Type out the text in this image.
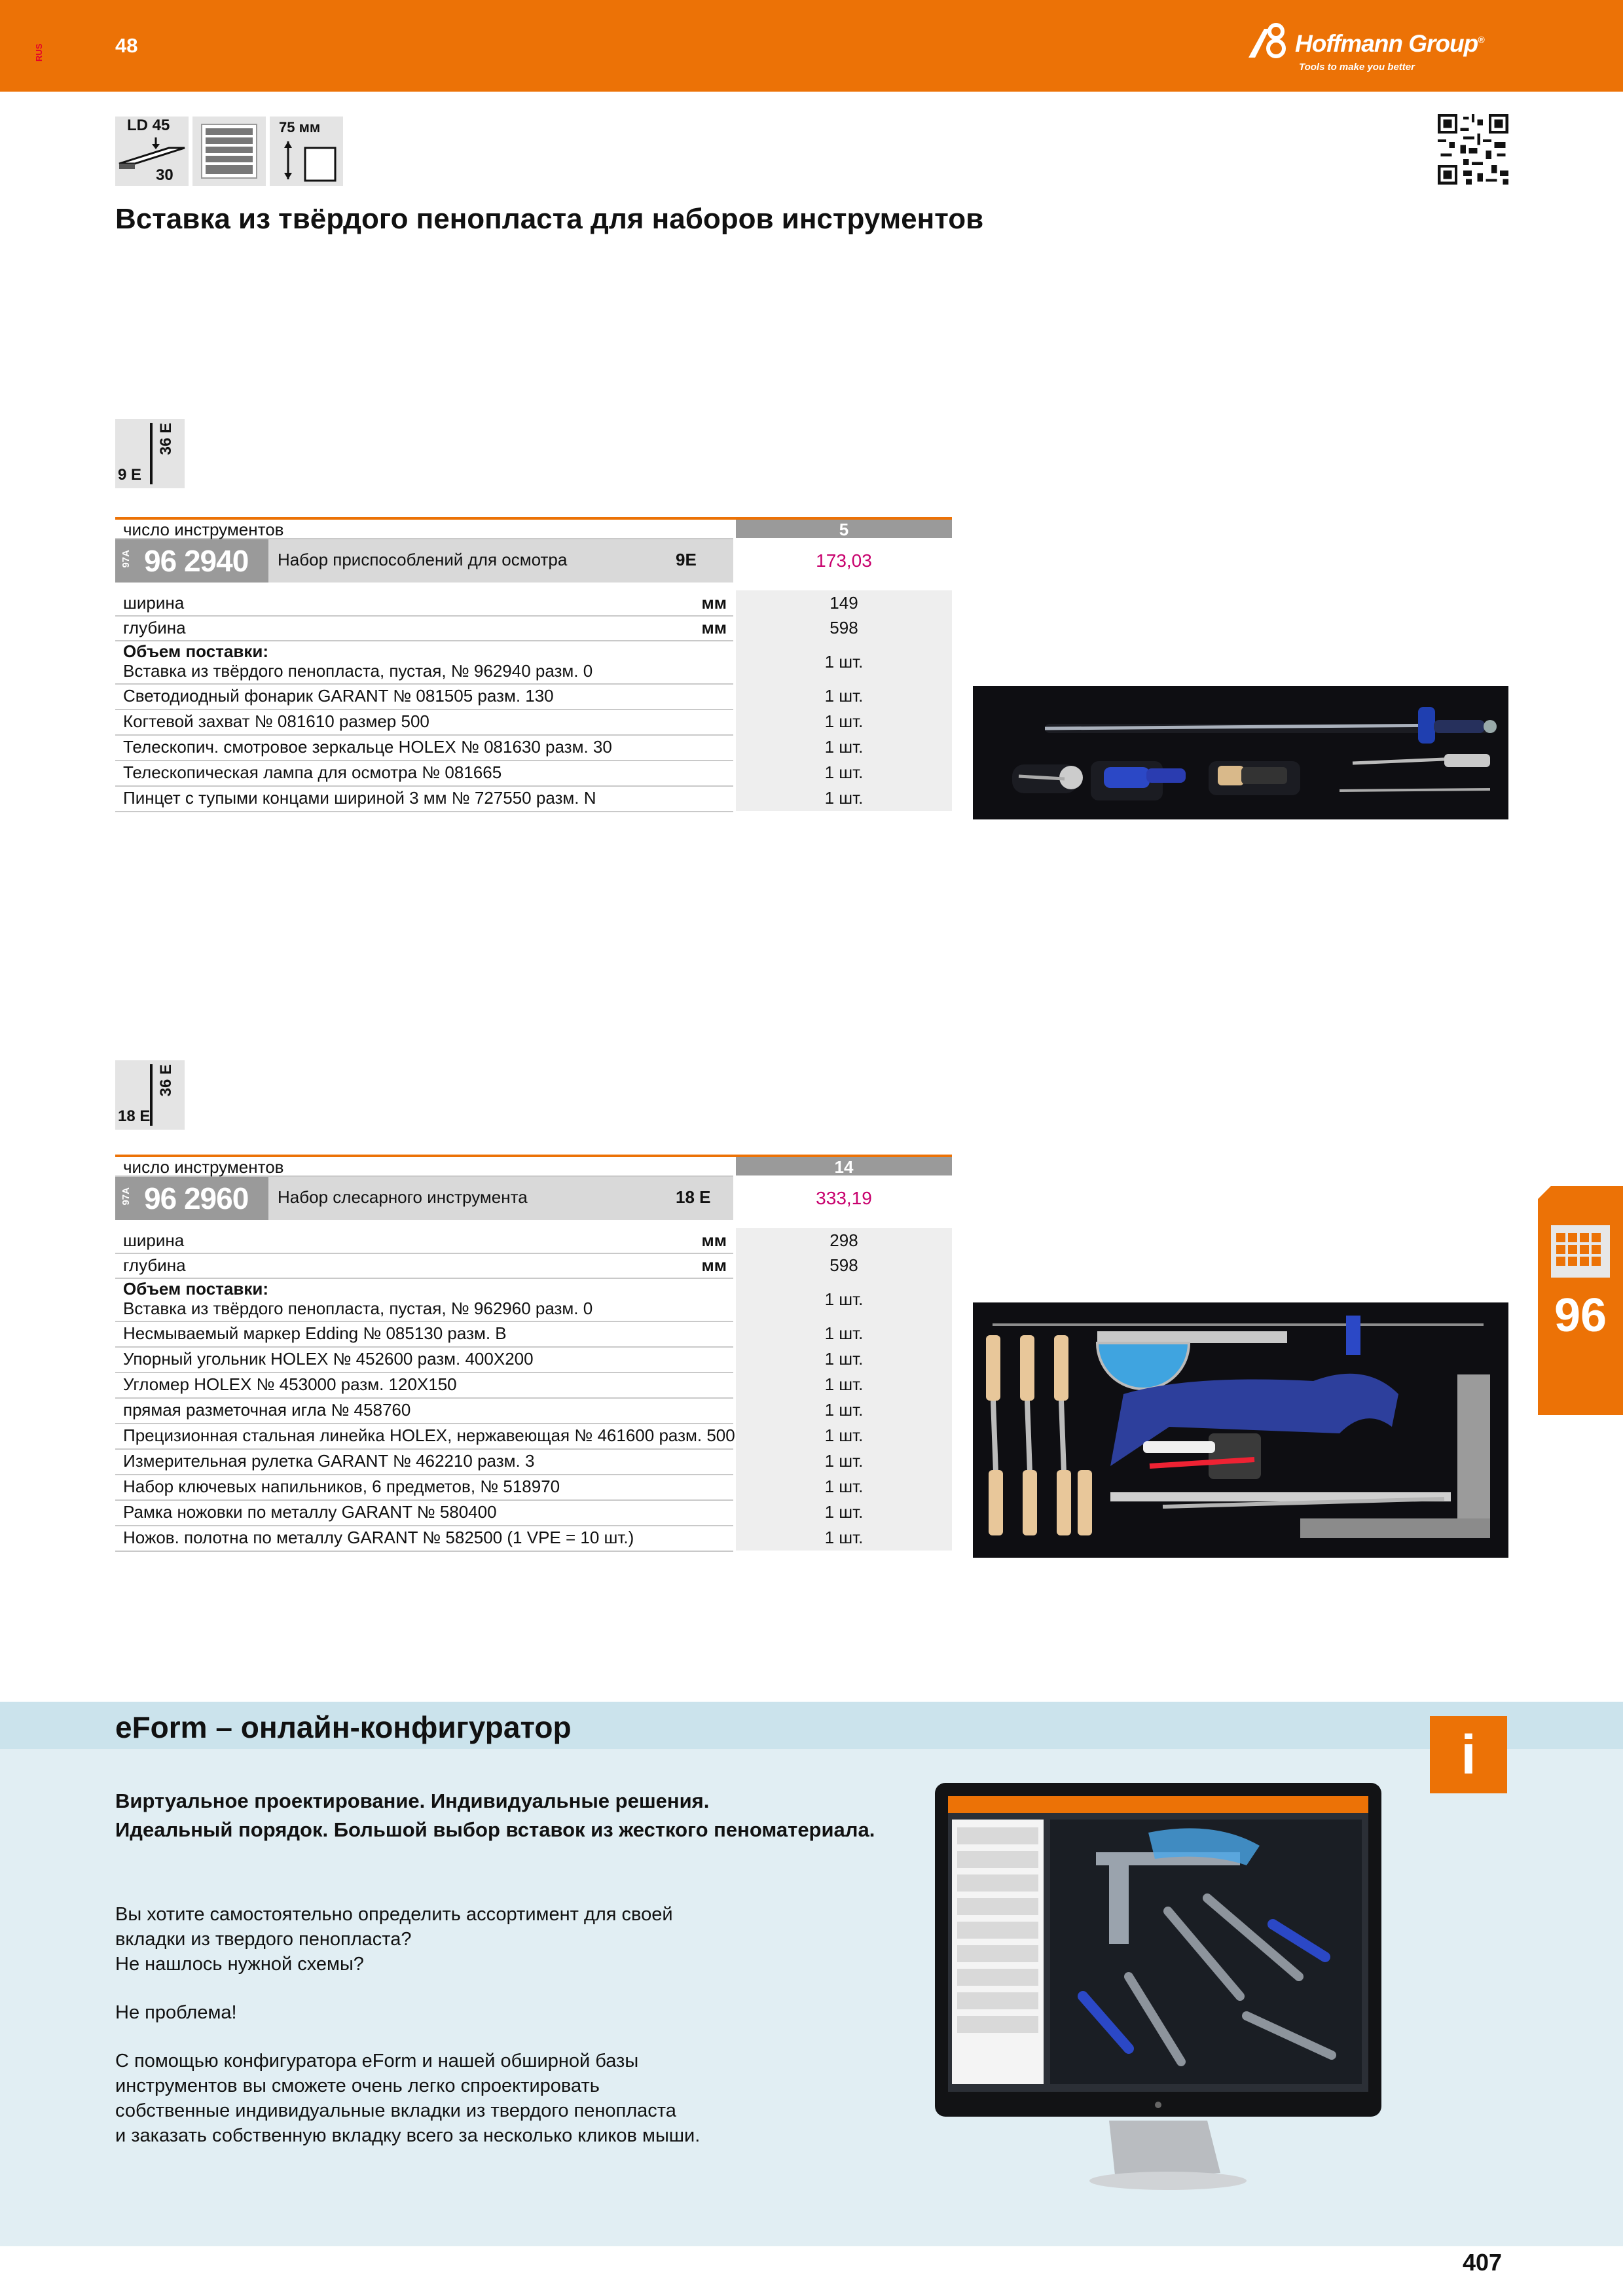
RUS	48	Hoffmann Group®
Tools to make you better
LD 45
30
75 мм
Вставка из твёрдого пенопласта для наборов инструментов
9 E
36 E
число инструментов	5
97A 96 2940 Набор приспособлений для осмотра	9E	173,03
ширина	мм	149
глубина	мм	598
Объем поставки:
Вставка из твёрдого пенопласта, пустая, № 962940 разм. 0	1 шт.
Светодиодный фонарик GARANT № 081505 разм. 130	1 шт.
Когтевой захват № 081610 размер 500	1 шт.
Телескопич. смотровое зеркальце HOLEX № 081630 разм. 30	1 шт.
Телескопическая лампа для осмотра № 081665	1 шт.
Пинцет с тупыми концами шириной 3 мм № 727550 разм. N	1 шт.
18 E
36 E
число инструментов	14
97A 96 2960 Набор слесарного инструмента	18 E	333,19
ширина	мм	298
глубина	мм	598
Объем поставки:
Вставка из твёрдого пенопласта, пустая, № 962960 разм. 0	1 шт.
Несмываемый маркер Edding № 085130 разм. B	1 шт.
Упорный угольник HOLEX № 452600 разм. 400X200	1 шт.
Угломер HOLEX № 453000 разм. 120X150	1 шт.
прямая разметочная игла № 458760	1 шт.
Прецизионная стальная линейка HOLEX, нержавеющая № 461600 разм. 500	1 шт.
Измерительная рулетка GARANT № 462210 разм. 3	1 шт.
Набор ключевых напильников, 6 предметов, № 518970	1 шт.
Рамка ножовки по металлу GARANT № 580400	1 шт.
Ножов. полотна по металлу GARANT № 582500 (1 VPE = 10 шт.)	1 шт.
96
eForm – онлайн-конфигуратор	i
Виртуальное проектирование. Индивидуальные решения.
Идеальный порядок. Большой выбор вставок из жесткого пеноматериала.
Вы хотите самостоятельно определить ассортимент для своей
вкладки из твердого пенопласта?
Не нашлось нужной схемы?
Не проблема!
С помощью конфигуратора eForm и нашей обширной базы
инструментов вы сможете очень легко спроектировать
собственные индивидуальные вкладки из твердого пенопласта
и заказать собственную вкладку всего за несколько кликов мыши.
407
